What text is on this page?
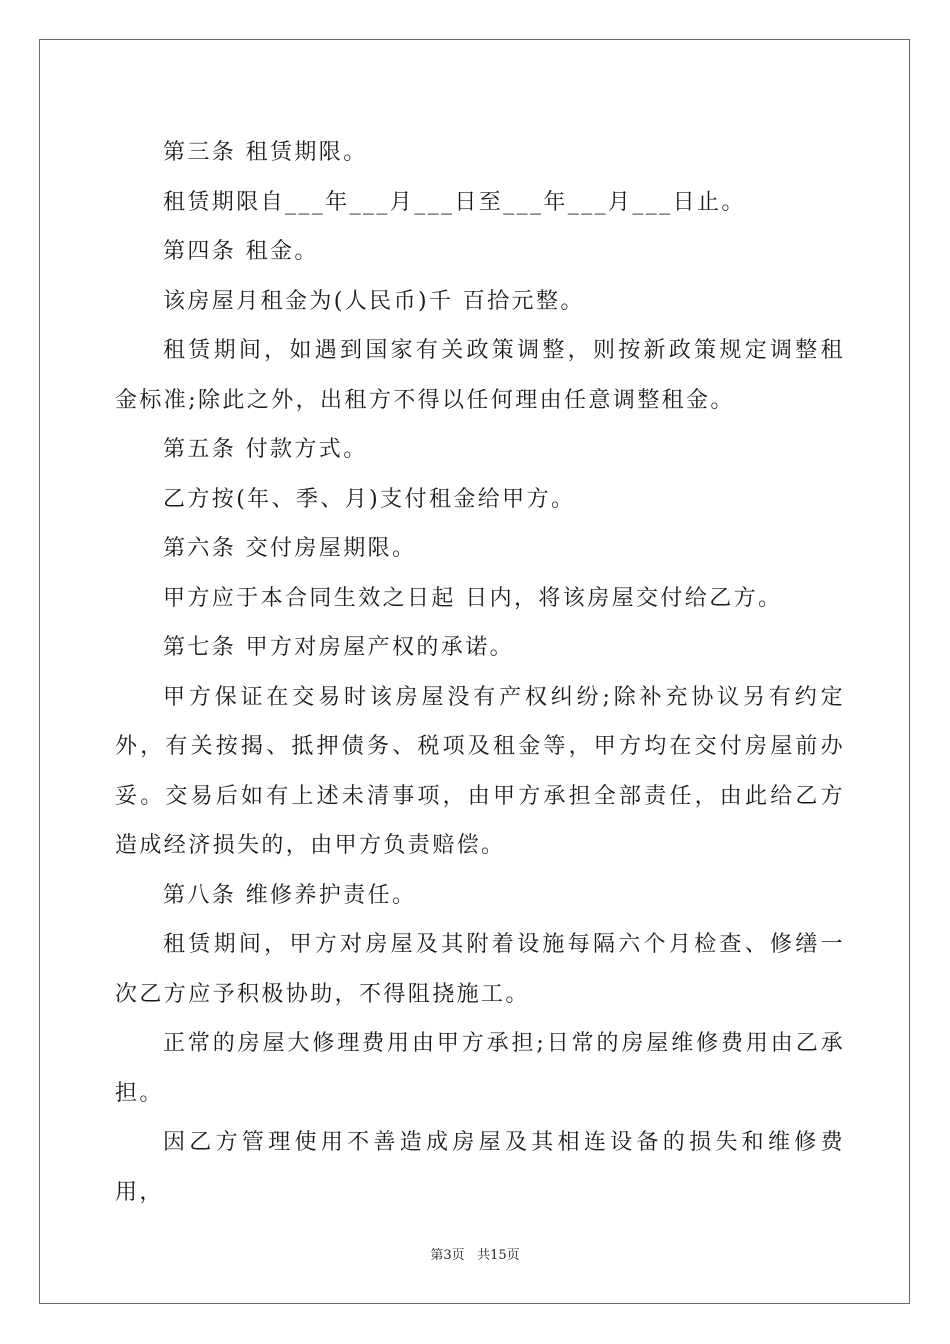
第三条 租赁期限。

租赁期限自___年___月___日至___年___月___日止。

第四条 租金。

该房屋月租金为(人民币)千 百拾元整。

租赁期间，如遇到国家有关政策调整，则按新政策规定调整租金标准;除此之外，出租方不得以任何理由任意调整租金。

第五条 付款方式。

乙方按(年、季、月)支付租金给甲方。

第六条 交付房屋期限。

甲方应于本合同生效之日起 日内，将该房屋交付给乙方。

第七条 甲方对房屋产权的承诺。

甲方保证在交易时该房屋没有产权纠纷;除补充协议另有约定外，有关按揭、抵押债务、税项及租金等，甲方均在交付房屋前办妥。交易后如有上述未清事项，由甲方承担全部责任，由此给乙方造成经济损失的，由甲方负责赔偿。

第八条 维修养护责任。

租赁期间，甲方对房屋及其附着设施每隔六个月检查、修缮一次乙方应予积极协助，不得阻挠施工。

正常的房屋大修理费用由甲方承担;日常的房屋维修费用由乙承担。

因乙方管理使用不善造成房屋及其相连设备的损失和维修费用，

第3页 共15页
